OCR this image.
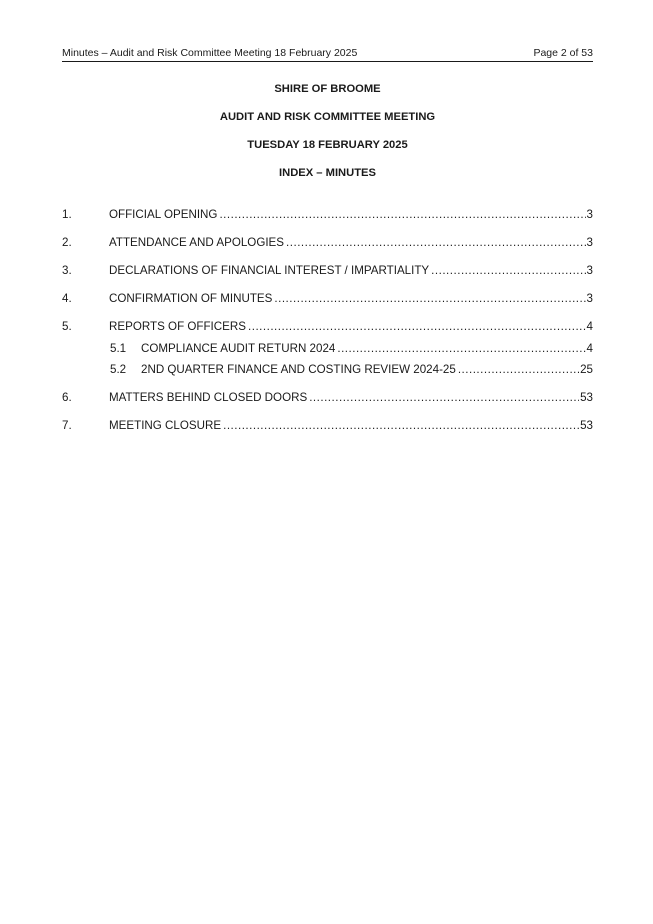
Minutes – Audit and Risk Committee Meeting 18 February 2025	Page 2 of 53
SHIRE OF BROOME
AUDIT AND RISK COMMITTEE MEETING
TUESDAY 18 FEBRUARY 2025
INDEX – MINUTES
1.	OFFICIAL OPENING .....	3
2.	ATTENDANCE AND APOLOGIES .....	3
3.	DECLARATIONS OF FINANCIAL INTEREST / IMPARTIALITY .....	3
4.	CONFIRMATION OF MINUTES .....	3
5.	REPORTS OF OFFICERS .....	4
5.1	COMPLIANCE AUDIT RETURN 2024 .....	4
5.2	2ND QUARTER FINANCE AND COSTING REVIEW 2024-25 .....	25
6.	MATTERS BEHIND CLOSED DOORS .....	53
7.	MEETING CLOSURE .....	53
